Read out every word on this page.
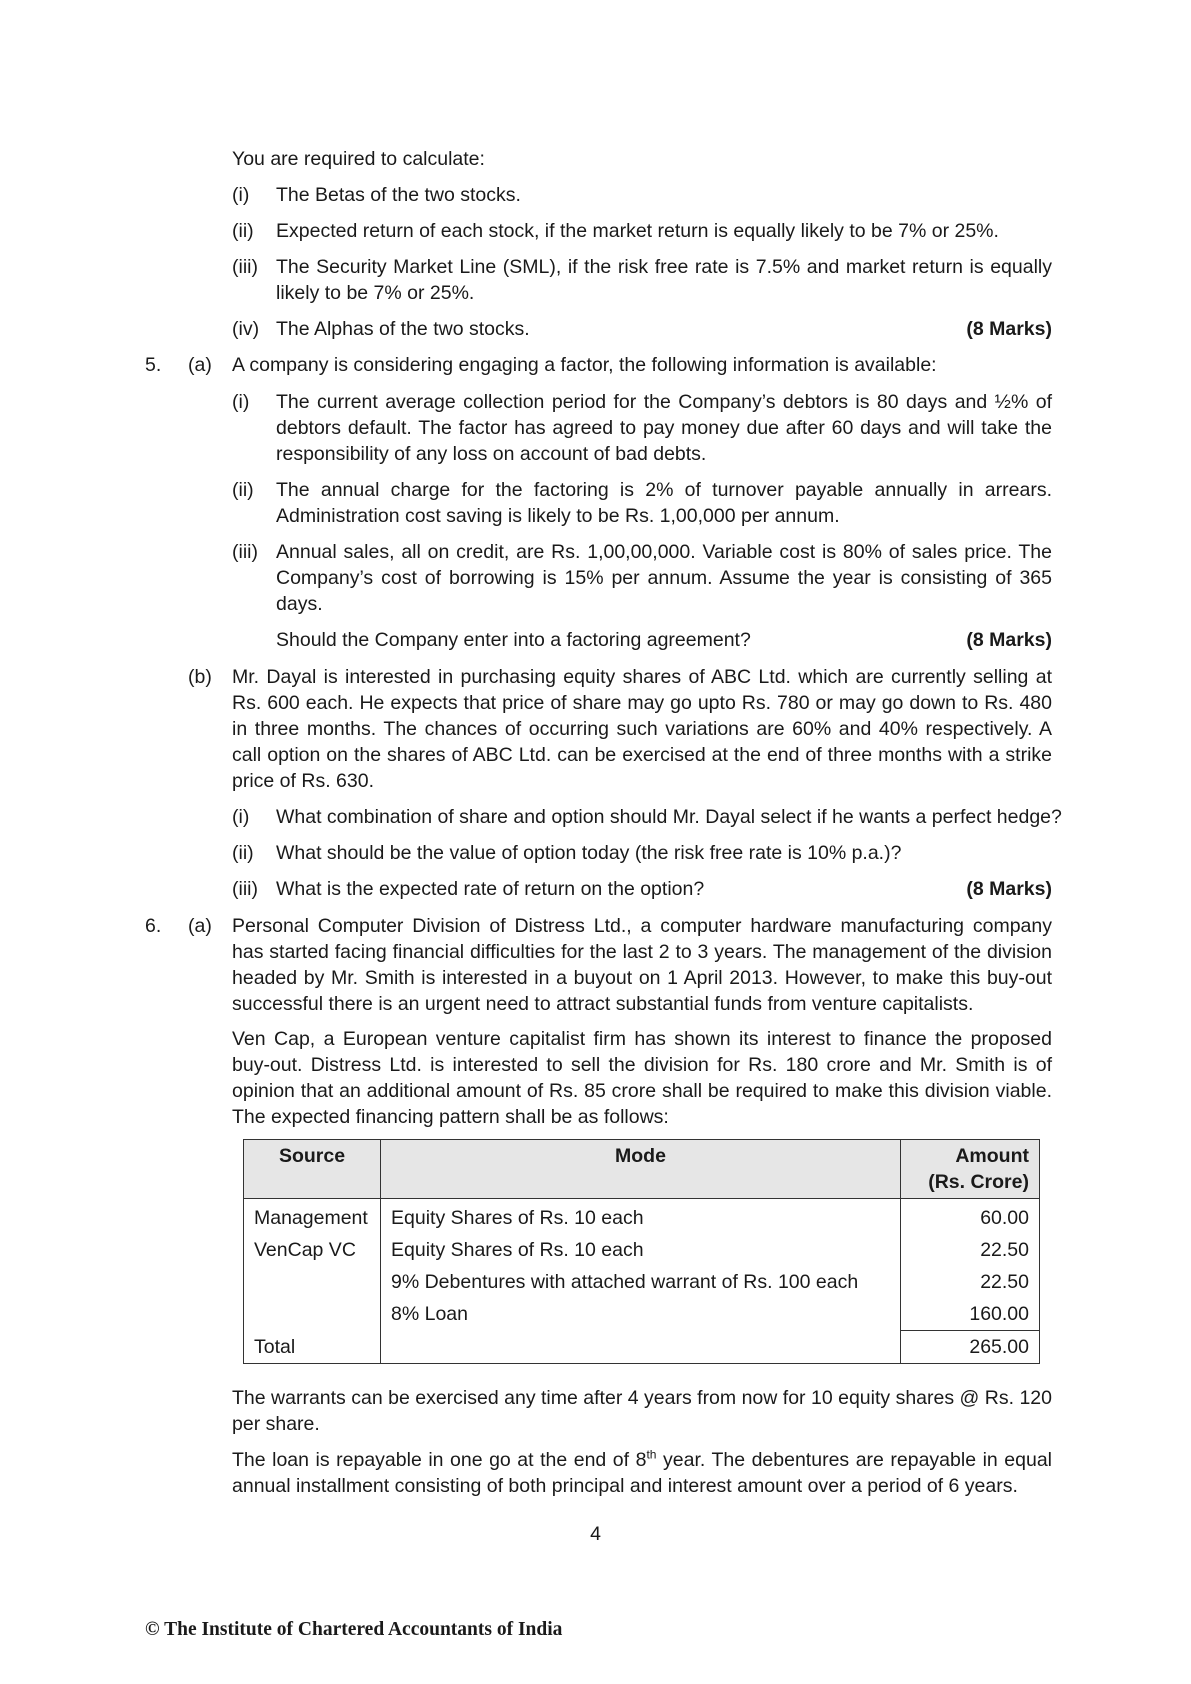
You are required to calculate:
(i) The Betas of the two stocks.
(ii) Expected return of each stock, if the market return is equally likely to be 7% or 25%.
(iii) The Security Market Line (SML), if the risk free rate is 7.5% and market return is equally likely to be 7% or 25%.
(iv) The Alphas of the two stocks.	(8 Marks)
5. (a) A company is considering engaging a factor, the following information is available:
(i) The current average collection period for the Company’s debtors is 80 days and ½% of debtors default. The factor has agreed to pay money due after 60 days and will take the responsibility of any loss on account of bad debts.
(ii) The annual charge for the factoring is 2% of turnover payable annually in arrears. Administration cost saving is likely to be Rs. 1,00,000 per annum.
(iii) Annual sales, all on credit, are Rs. 1,00,00,000. Variable cost is 80% of sales price. The Company’s cost of borrowing is 15% per annum. Assume the year is consisting of 365 days.
Should the Company enter into a factoring agreement?	(8 Marks)
(b) Mr. Dayal is interested in purchasing equity shares of ABC Ltd. which are currently selling at Rs. 600 each. He expects that price of share may go upto Rs. 780 or may go down to Rs. 480 in three months. The chances of occurring such variations are 60% and 40% respectively. A call option on the shares of ABC Ltd. can be exercised at the end of three months with a strike price of Rs. 630.
(i) What combination of share and option should Mr. Dayal select if he wants a perfect hedge?
(ii) What should be the value of option today (the risk free rate is 10% p.a.)?
(iii) What is the expected rate of return on the option?	(8 Marks)
6. (a) Personal Computer Division of Distress Ltd., a computer hardware manufacturing company has started facing financial difficulties for the last 2 to 3 years. The management of the division headed by Mr. Smith is interested in a buyout on 1 April 2013. However, to make this buy-out successful there is an urgent need to attract substantial funds from venture capitalists.
Ven Cap, a European venture capitalist firm has shown its interest to finance the proposed buy-out. Distress Ltd. is interested to sell the division for Rs. 180 crore and Mr. Smith is of opinion that an additional amount of Rs. 85 crore shall be required to make this division viable. The expected financing pattern shall be as follows:
Source	Mode	Amount
(Rs. Crore)
Management	Equity Shares of Rs. 10 each	60.00
VenCap VC	Equity Shares of Rs. 10 each	22.50
	9% Debentures with attached warrant of Rs. 100 each	22.50
	8% Loan	160.00
Total		265.00
The warrants can be exercised any time after 4 years from now for 10 equity shares @ Rs. 120 per share.
The loan is repayable in one go at the end of 8th year. The debentures are repayable in equal annual installment consisting of both principal and interest amount over a period of 6 years.
4
© The Institute of Chartered Accountants of India
